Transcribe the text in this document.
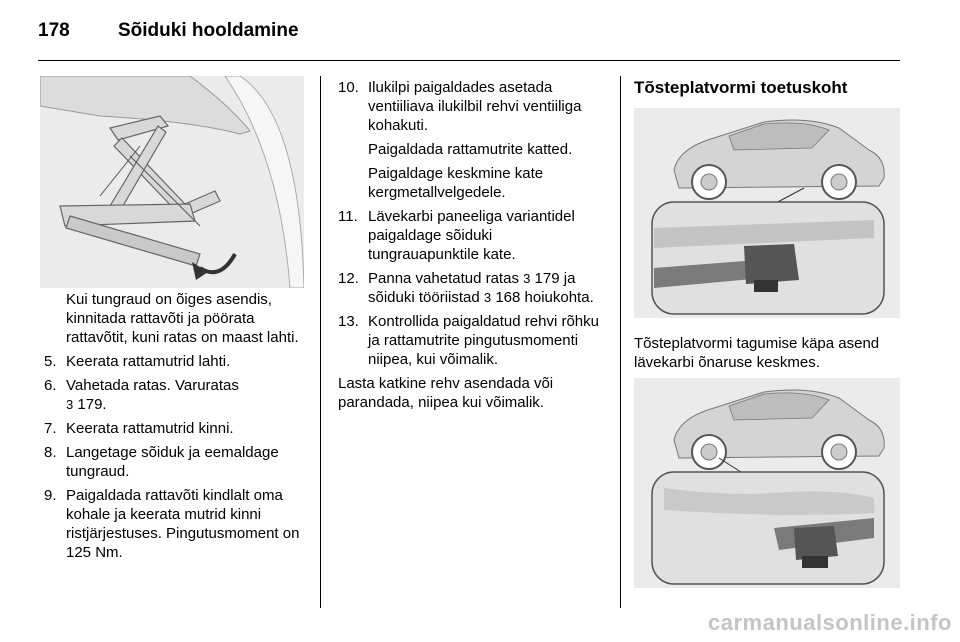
178	Sõiduki hooldamine
Kui tungraud on õiges asendis, kinnitada rattavõti ja pöörata rattavõtit, kuni ratas on maast lahti.
5. Keerata rattamutrid lahti.
6. Vahetada ratas. Varuratas
3 179.
7. Keerata rattamutrid kinni.
8. Langetage sõiduk ja eemaldage tungraud.
9. Paigaldada rattavõti kindlalt oma kohale ja keerata mutrid kinni ristjärjestuses. Pingutusmoment on 125 Nm.
10. Ilukilpi paigaldades asetada ventiiliava ilukilbil rehvi ventiiliga kohakuti.
Paigaldada rattamutrite katted.
Paigaldage keskmine kate kergmetallvelgedele.
11. Lävekarbi paneeliga variantidel paigaldage sõiduki tungrauapunktile kate.
12. Panna vahetatud ratas 3 179 ja sõiduki tööriistad 3 168 hoiukohta.
13. Kontrollida paigaldatud rehvi rõhku ja rattamutrite pingutusmomenti niipea, kui võimalik.
Lasta katkine rehv asendada või parandada, niipea kui võimalik.
Tõsteplatvormi toetuskoht
Tõsteplatvormi tagumise käpa asend lävekarbi õnaruse keskmes.
carmanualsonline.info
